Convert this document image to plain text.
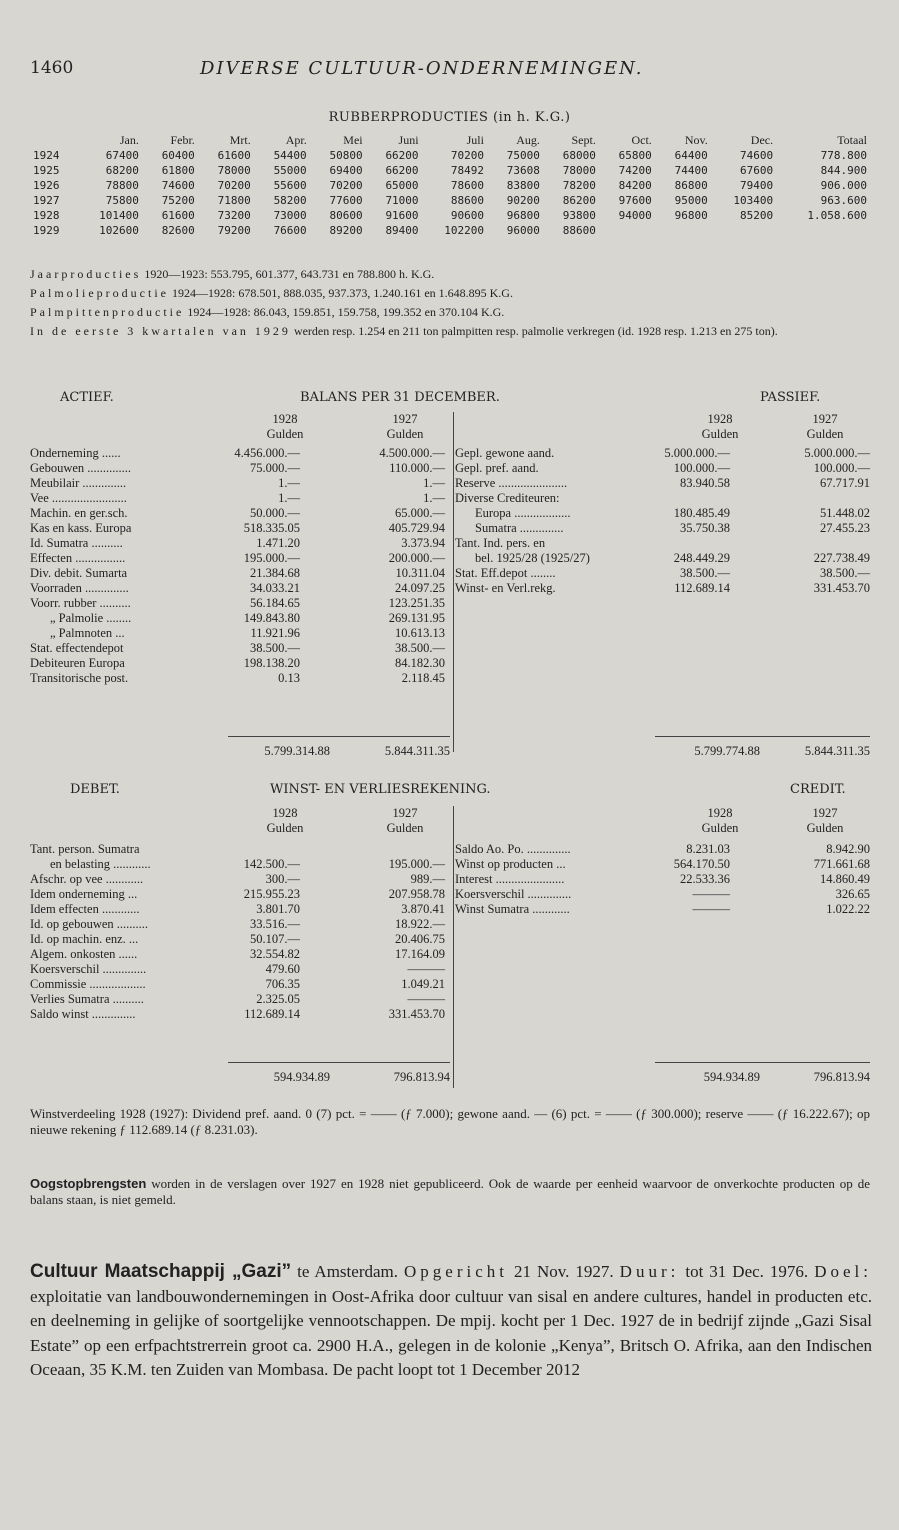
1460	DIVERSE CULTUUR-ONDERNEMINGEN.
RUBBERPRODUCTIES (in h. K.G.)
	Jan.	Febr.	Mrt.	Apr.	Mei	Juni	Juli	Aug.	Sept.	Oct.	Nov.	Dec.	Totaal
1924	67400	60400	61600	54400	50800	66200	70200	75000	68000	65800	64400	74600	778.800
1925	68200	61800	78000	55000	69400	66200	78492	73608	78000	74200	74400	67600	844.900
1926	78800	74600	70200	55600	70200	65000	78600	83800	78200	84200	86800	79400	906.000
1927	75800	75200	71800	58200	77600	71000	88600	90200	86200	97600	95000	103400	963.600
1928	101400	61600	73200	73000	80600	91600	90600	96800	93800	94000	96800	85200	1.058.600
1929	102600	82600	79200	76600	89200	89400	102200	96000	88600				
Jaarproducties 1920—1923: 553.795, 601.377, 643.731 en 788.800 h. K.G.
Palmolieproductie 1924—1928: 678.501, 888.035, 937.373, 1.240.161 en 1.648.895 K.G.
Palmpittenproductie 1924—1928: 86.043, 159.851, 159.758, 199.352 en 370.104 K.G.
In de eerste 3 kwartalen van 1929 werden resp. 1.254 en 211 ton palmpitten resp. palmolie verkregen (id. 1928 resp. 1.213 en 275 ton).
ACTIEF.	BALANS PER 31 DECEMBER.	PASSIEF.
1928	1927	1928	1927
Gulden	Gulden	Gulden	Gulden
Onderneming ......	4.456.000.—	4.500.000.—
Gebouwen ..............	75.000.—	110.000.—
Meubilair ..............	1.—	1.—
Vee ........................	1.—	1.—
Machin. en ger.sch.	50.000.—	65.000.—
Kas en kass. Europa	518.335.05	405.729.94
Id. Sumatra ..........	1.471.20	3.373.94
Effecten ................	195.000.—	200.000.—
Div. debit. Sumarta	21.384.68	10.311.04
Voorraden ..............	34.033.21	24.097.25
Voorr. rubber ..........	56.184.65	123.251.35
„ Palmolie ........	149.843.80	269.131.95
„ Palmnoten ...	11.921.96	10.613.13
Stat. effectendepot	38.500.—	38.500.—
Debiteuren Europa	198.138.20	84.182.30
Transitorische post.	0.13	2.118.45
Gepl. gewone aand.	5.000.000.—	5.000.000.—
Gepl. pref. aand.	100.000.—	100.000.—
Reserve ......................	83.940.58	67.717.91
Diverse Crediteuren:
Europa ..................	180.485.49	51.448.02
Sumatra ..............	35.750.38	27.455.23
Tant. Ind. pers. en
bel. 1925/28 (1925/27)	248.449.29	227.738.49
Stat. Eff.depot ........	38.500.—	38.500.—
Winst- en Verl.rekg.	112.689.14	331.453.70
5.799.314.88	5.844.311.35	5.799.774.88	5.844.311.35
DEBET.	WINST- EN VERLIESREKENING.	CREDIT.
1928	1927	1928	1927
Gulden	Gulden	Gulden	Gulden
Tant. person. Sumatra
en belasting ............	142.500.—	195.000.—
Afschr. op vee ............	300.—	989.—
Idem onderneming ...	215.955.23	207.958.78
Idem effecten ............	3.801.70	3.870.41
Id. op gebouwen ..........	33.516.—	18.922.—
Id. op machin. enz. ...	50.107.—	20.406.75
Algem. onkosten ......	32.554.82	17.164.09
Koersverschil ..............	479.60	———
Commissie ..................	706.35	1.049.21
Verlies Sumatra ..........	2.325.05	———
Saldo winst ..............	112.689.14	331.453.70
Saldo Ao. Po. ..............	8.231.03	8.942.90
Winst op producten ...	564.170.50	771.661.68
Interest ......................	22.533.36	14.860.49
Koersverschil ..............	———	326.65
Winst Sumatra ............	———	1.022.22
594.934.89	796.813.94	594.934.89	796.813.94
Winstverdeeling 1928 (1927): Dividend pref. aand. 0 (7) pct. = —— (ƒ 7.000); gewone aand. — (6) pct. = —— (ƒ 300.000); reserve —— (ƒ 16.222.67); op nieuwe rekening ƒ 112.689.14 (ƒ 8.231.03).
Oogstopbrengsten worden in de verslagen over 1927 en 1928 niet gepubliceerd. Ook de waarde per eenheid waarvoor de onverkochte producten op de balans staan, is niet gemeld.
Cultuur Maatschappij „Gazi” te Amsterdam. Opgericht 21 Nov. 1927. Duur: tot 31 Dec. 1976. Doel: exploitatie van landbouwondernemingen in Oost-Afrika door cultuur van sisal en andere cultures, handel in producten etc. en deelneming in gelijke of soortgelijke vennootschappen. De mpij. kocht per 1 Dec. 1927 de in bedrijf zijnde „Gazi Sisal Estate” op een erfpachtstrerrein groot ca. 2900 H.A., gelegen in de kolonie „Kenya”, Britsch O. Afrika, aan den Indischen Oceaan, 35 K.M. ten Zuiden van Mombasa. De pacht loopt tot 1 December 2012
